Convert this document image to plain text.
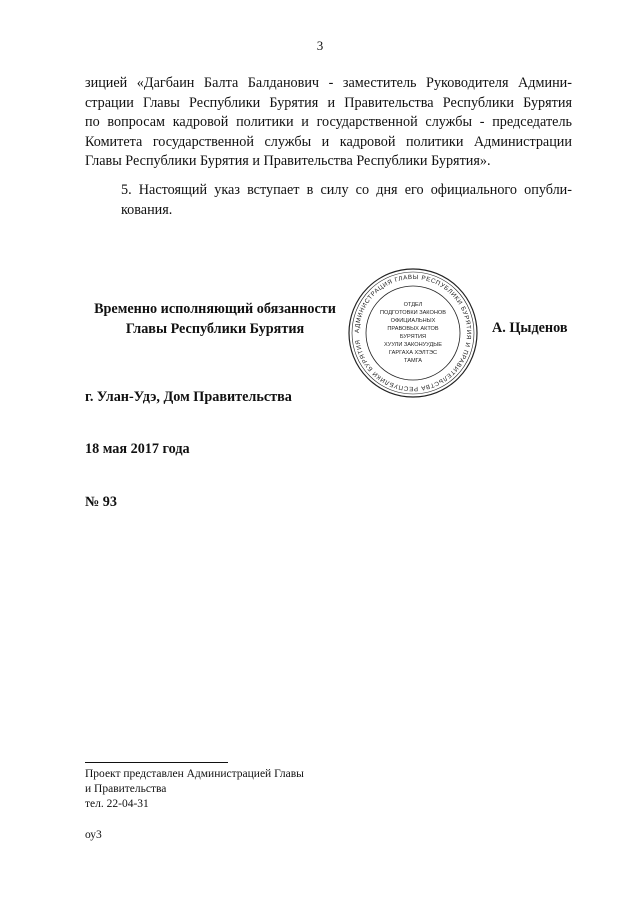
3

зицией «Дагбаин Балта Балданович - заместитель Руководителя Админи-
страции Главы Республики Бурятия и Правительства Республики Бурятия
по вопросам кадровой политики и государственной службы - председатель
Комитета государственной службы и кадровой политики Администрации
Главы Республики Бурятия и Правительства Республики Бурятия».

5. Настоящий указ вступает в силу со дня его официального опубли-
кования.

Временно исполняющий обязанности
Главы Республики Бурятия	АДМИНИСТРАЦИЯ ГЛАВЫ РЕСПУБЛИКИ БУРЯТИЯ И ПРАВИТЕЛЬСТВА РЕСПУБЛИКИ БУРЯТИЯ
ОТДЕЛ
ПОДГОТОВКИ ЗАКОНОВ
ОФИЦИАЛЬНЫХ
ПРАВОВЫХ АКТОВ
БУРЯТИЯ
ХУУЛИ ЗАКОНУУДЫЕ
ГАРГАХА ХЭЛТЭС
ТАМГА
А. Цыденов
г. Улан-Удэ, Дом Правительства
18 мая 2017 года
№ 93
Проект представлен Администрацией Главы
и Правительства
тел. 22-04-31
оу3
